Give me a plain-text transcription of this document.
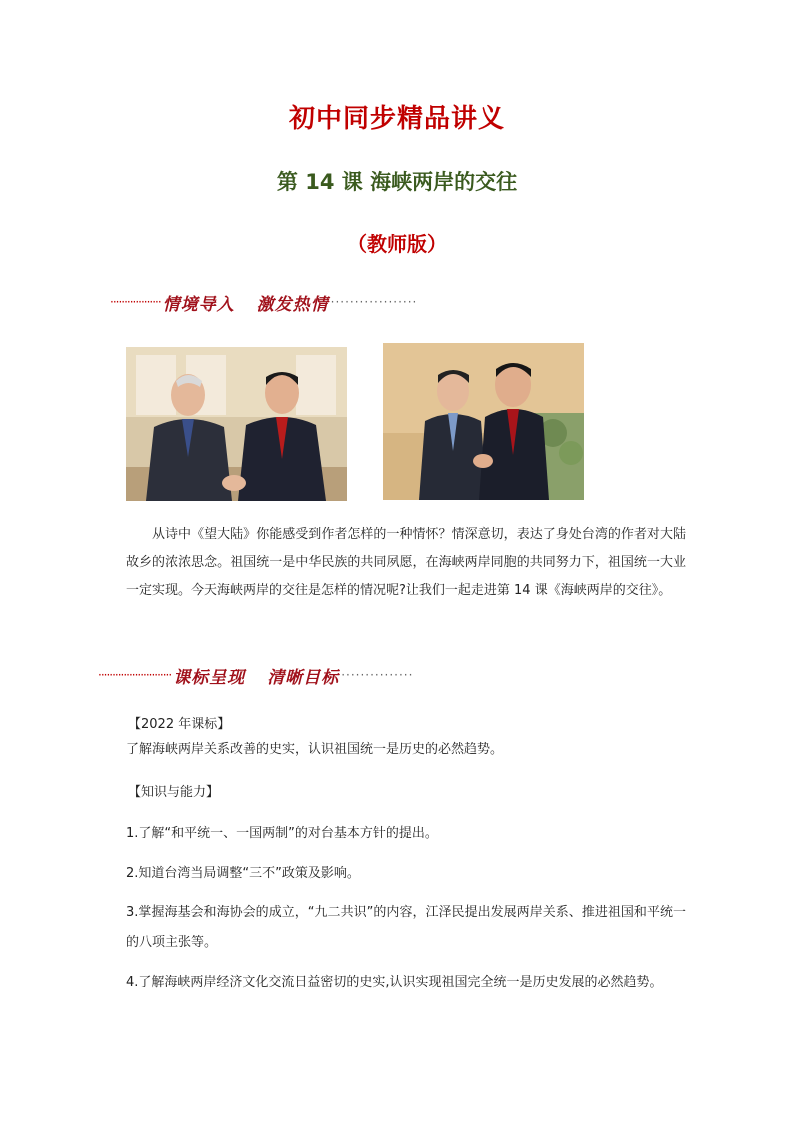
初中同步精品讲义
第 14 课 海峡两岸的交往
（教师版）
·················· 情境导入 激发热情 ··················
从诗中《望大陆》你能感受到作者怎样的一种情怀？情深意切，表达了身处台湾的作者对大陆故乡的浓浓思念。祖国统一是中华民族的共同夙愿，在海峡两岸同胞的共同努力下，祖国统一大业一定实现。今天海峡两岸的交往是怎样的情况呢?让我们一起走进第 14 课《海峡两岸的交往》。
·························· 课标呈现 清晰目标 ···············
【2022 年课标】
了解海峡两岸关系改善的史实，认识祖国统一是历史的必然趋势。
【知识与能力】
1.了解“和平统一、一国两制”的对台基本方针的提出。
2.知道台湾当局调整“三不”政策及影响。
3.掌握海基会和海协会的成立，“九二共识”的内容，江泽民提出发展两岸关系、推进祖国和平统一的八项主张等。
4.了解海峡两岸经济文化交流日益密切的史实,认识实现祖国完全统一是历史发展的必然趋势。
